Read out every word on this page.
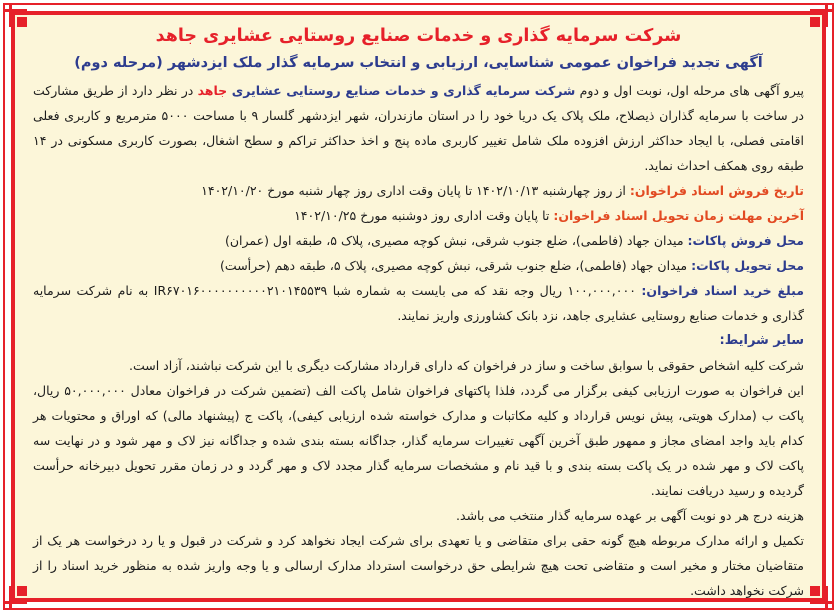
شرکت سرمایه گذاری و خدمات صنایع روستایی عشایری جاهد
آگهی تجدید فراخوان عمومی شناسایی، ارزیابی و انتخاب سرمایه گذار ملک ایزدشهر (مرحله دوم)

پیرو آگهی های مرحله اول، نوبت اول و دوم شرکت سرمایه گذاری و خدمات صنایع روستایی عشایری جاهد در نظر دارد از طریق مشارکت در ساخت با سرمایه گذاران ذیصلاح، ملک پلاک یک دریا خود را در استان مازندران، شهر ایزدشهر گلسار ۹ با مساحت ۵۰۰۰ مترمربع و کاربری فعلی اقامتی فصلی، با ایجاد حداکثر ارزش افزوده ملک شامل تغییر کاربری ماده پنج و اخذ حداکثر تراکم و سطح اشغال، بصورت کاربری مسکونی در ۱۴ طبقه روی همکف احداث نماید.

تاریخ فروش اسناد فراخوان: از روز چهارشنبه ۱۴۰۲/۱۰/۱۳ تا پایان وقت اداری روز چهار شنبه مورخ ۱۴۰۲/۱۰/۲۰
آخرین مهلت زمان تحویل اسناد فراخوان: تا پایان وقت اداری روز دوشنبه مورخ ۱۴۰۲/۱۰/۲۵
محل فروش پاکات: میدان جهاد (فاطمی)، ضلع جنوب شرقی، نبش کوچه مصیری، پلاک ۵، طبقه اول (عمران)
محل تحویل پاکات: میدان جهاد (فاطمی)، ضلع جنوب شرقی، نبش کوچه مصیری، پلاک ۵، طبقه دهم (حرأست)
مبلغ خرید اسناد فراخوان: ۱۰۰,۰۰۰,۰۰۰ ریال وجه نقد که می بایست به شماره شبا IR۶۷۰۱۶۰۰۰۰۰۰۰۰۰۰۲۱۰۱۴۵۵۳۹ به نام شرکت سرمایه گذاری و خدمات صنایع روستایی عشایری جاهد، نزد بانک کشاورزی واریز نمایند.
سایر شرایط:

شرکت کلیه اشخاص حقوقی با سوابق ساخت و ساز در فراخوان که دارای قرارداد مشارکت دیگری با این شرکت نباشند، آزاد است.

این فراخوان به صورت ارزیابی کیفی برگزار می گردد، فلذا پاکتهای فراخوان شامل پاکت الف (تضمین شرکت در فراخوان معادل ۵۰,۰۰۰,۰۰۰ ریال، پاکت ب (مدارک هویتی، پیش نویس قرارداد و کلیه مکاتبات و مدارک خواسته شده ارزیابی کیفی)، پاکت ج (پیشنهاد مالی) که اوراق و محتویات هر کدام باید واجد امضای مجاز و ممهور طبق آخرین آگهی تغییرات سرمایه گذار، جداگانه بسته بندی شده و جداگانه نیز لاک و مهر شود و در نهایت سه پاکت لاک و مهر شده در یک پاکت بسته بندی و با قید نام و مشخصات سرمایه گذار مجدد لاک و مهر گردد و در زمان مقرر تحویل دبیرخانه حرأست گردیده و رسید دریافت نمایند.

هزینه درج هر دو نوبت آگهی بر عهده سرمایه گذار منتخب می باشد.

تکمیل و ارائه مدارک مربوطه هیچ گونه حقی برای متقاضی و یا تعهدی برای شرکت ایجاد نخواهد کرد و شرکت در قبول و یا رد درخواست هر یک از متقاضیان مختار و مخیر است و متقاضی تحت هیچ شرایطی حق درخواست استرداد مدارک ارسالی و یا وجه واریز شده به منظور خرید اسناد را از شرکت نخواهد داشت.
